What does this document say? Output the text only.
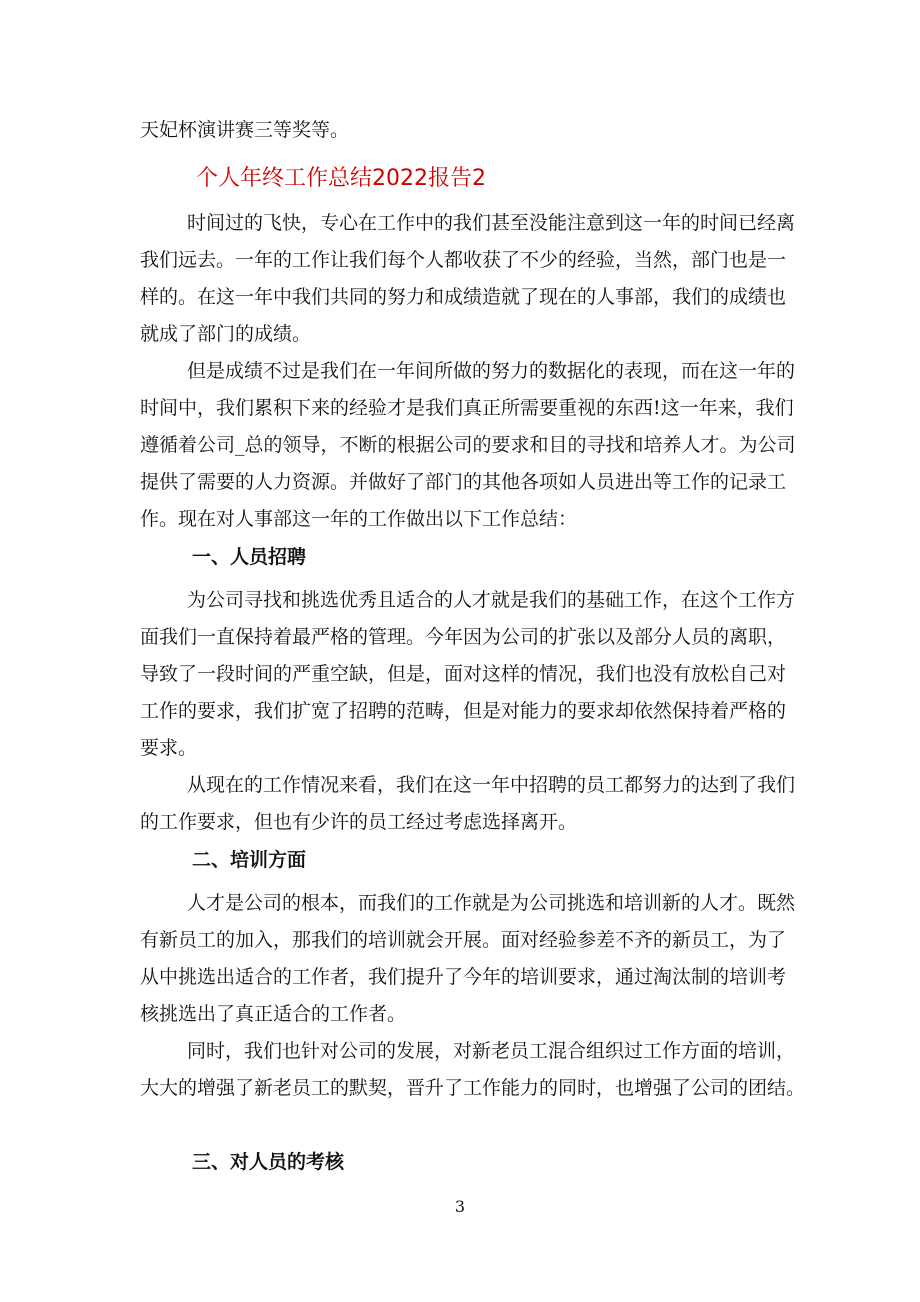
天妃杯演讲赛三等奖等。
个人年终工作总结2022报告2
时间过的飞快，专心在工作中的我们甚至没能注意到这一年的时间已经离
我们远去。一年的工作让我们每个人都收获了不少的经验，当然，部门也是一
样的。在这一年中我们共同的努力和成绩造就了现在的人事部，我们的成绩也
就成了部门的成绩。
但是成绩不过是我们在一年间所做的努力的数据化的表现，而在这一年的
时间中，我们累积下来的经验才是我们真正所需要重视的东西!这一年来，我们
遵循着公司_总的领导，不断的根据公司的要求和目的寻找和培养人才。为公司
提供了需要的人力资源。并做好了部门的其他各项如人员进出等工作的记录工
作。现在对人事部这一年的工作做出以下工作总结：
一、人员招聘
为公司寻找和挑选优秀且适合的人才就是我们的基础工作，在这个工作方
面我们一直保持着最严格的管理。今年因为公司的扩张以及部分人员的离职，
导致了一段时间的严重空缺，但是，面对这样的情况，我们也没有放松自己对
工作的要求，我们扩宽了招聘的范畴，但是对能力的要求却依然保持着严格的
要求。
从现在的工作情况来看，我们在这一年中招聘的员工都努力的达到了我们
的工作要求，但也有少许的员工经过考虑选择离开。
二、培训方面
人才是公司的根本，而我们的工作就是为公司挑选和培训新的人才。既然
有新员工的加入，那我们的培训就会开展。面对经验参差不齐的新员工，为了
从中挑选出适合的工作者，我们提升了今年的培训要求，通过淘汰制的培训考
核挑选出了真正适合的工作者。
同时，我们也针对公司的发展，对新老员工混合组织过工作方面的培训，
大大的增强了新老员工的默契，晋升了工作能力的同时，也增强了公司的团结。
三、对人员的考核
3
